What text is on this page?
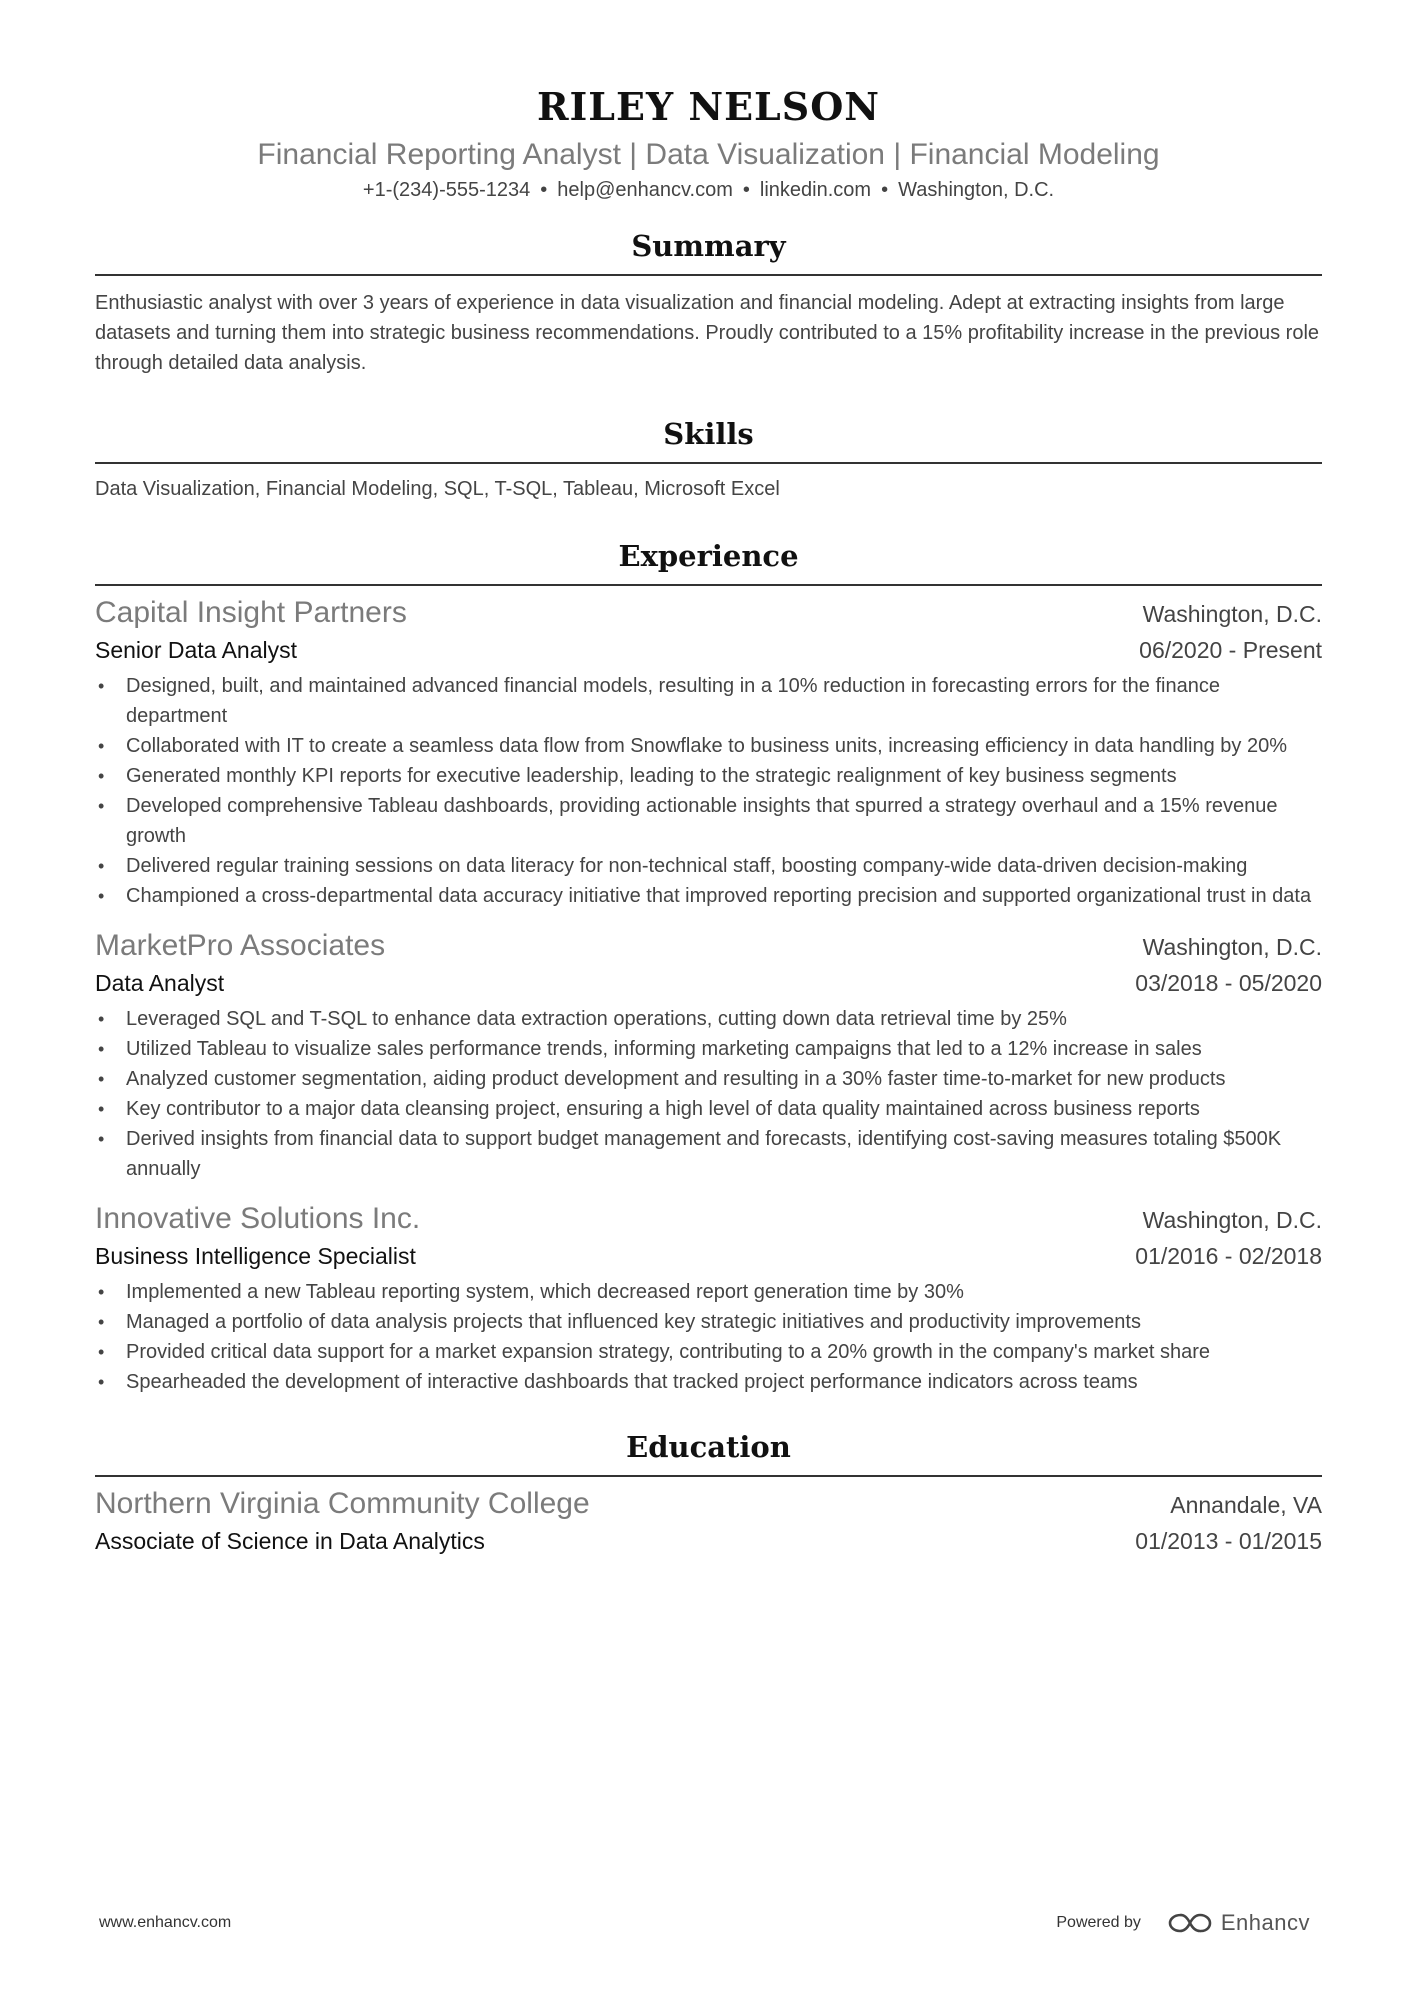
RILEY NELSON
Financial Reporting Analyst | Data Visualization | Financial Modeling
+1-(234)-555-1234 • help@enhancv.com • linkedin.com • Washington, D.C.
Summary
Enthusiastic analyst with over 3 years of experience in data visualization and financial modeling. Adept at extracting insights from large datasets and turning them into strategic business recommendations. Proudly contributed to a 15% profitability increase in the previous role through detailed data analysis.
Skills
Data Visualization, Financial Modeling, SQL, T-SQL, Tableau, Microsoft Excel
Experience
Capital Insight Partners	Washington, D.C.
Senior Data Analyst	06/2020 - Present
• Designed, built, and maintained advanced financial models, resulting in a 10% reduction in forecasting errors for the finance department
• Collaborated with IT to create a seamless data flow from Snowflake to business units, increasing efficiency in data handling by 20%
• Generated monthly KPI reports for executive leadership, leading to the strategic realignment of key business segments
• Developed comprehensive Tableau dashboards, providing actionable insights that spurred a strategy overhaul and a 15% revenue growth
• Delivered regular training sessions on data literacy for non-technical staff, boosting company-wide data-driven decision-making
• Championed a cross-departmental data accuracy initiative that improved reporting precision and supported organizational trust in data
MarketPro Associates	Washington, D.C.
Data Analyst	03/2018 - 05/2020
• Leveraged SQL and T-SQL to enhance data extraction operations, cutting down data retrieval time by 25%
• Utilized Tableau to visualize sales performance trends, informing marketing campaigns that led to a 12% increase in sales
• Analyzed customer segmentation, aiding product development and resulting in a 30% faster time-to-market for new products
• Key contributor to a major data cleansing project, ensuring a high level of data quality maintained across business reports
• Derived insights from financial data to support budget management and forecasts, identifying cost-saving measures totaling $500K annually
Innovative Solutions Inc.	Washington, D.C.
Business Intelligence Specialist	01/2016 - 02/2018
• Implemented a new Tableau reporting system, which decreased report generation time by 30%
• Managed a portfolio of data analysis projects that influenced key strategic initiatives and productivity improvements
• Provided critical data support for a market expansion strategy, contributing to a 20% growth in the company's market share
• Spearheaded the development of interactive dashboards that tracked project performance indicators across teams
Education
Northern Virginia Community College	Annandale, VA
Associate of Science in Data Analytics	01/2013 - 01/2015
www.enhancv.com	Powered by	Enhancv
